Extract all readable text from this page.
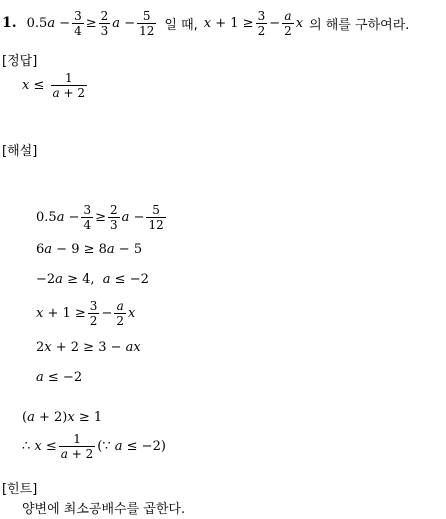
1. $0.5a - \frac{3}{4} \ge \frac{2}{3}$ $a - \frac{5}{12}$ 일 때, $x + 1 \ge \frac{3}{2} - \frac{a}{2}$ x 의 해를 구하여라.
[정답]
$x \le \frac{1}{a + 2}$
[해설]
$0.5a - \frac{3}{4} \ge \frac{2}{3}$ $a - \frac{5}{12}$
6a − 9 ≥ 8a − 5
−2a ≥ 4,  a ≤ −2
$x + 1 \ge \frac{3}{2} - \frac{a}{2}$ x
2x + 2 ≥ 3 − ax
a ≤ −2
(a + 2)x ≥ 1
∴ $x \le \frac{1}{a + 2}$ (∵ a ≤ −2)
[힌트]
양변에 최소공배수를 곱한다.
